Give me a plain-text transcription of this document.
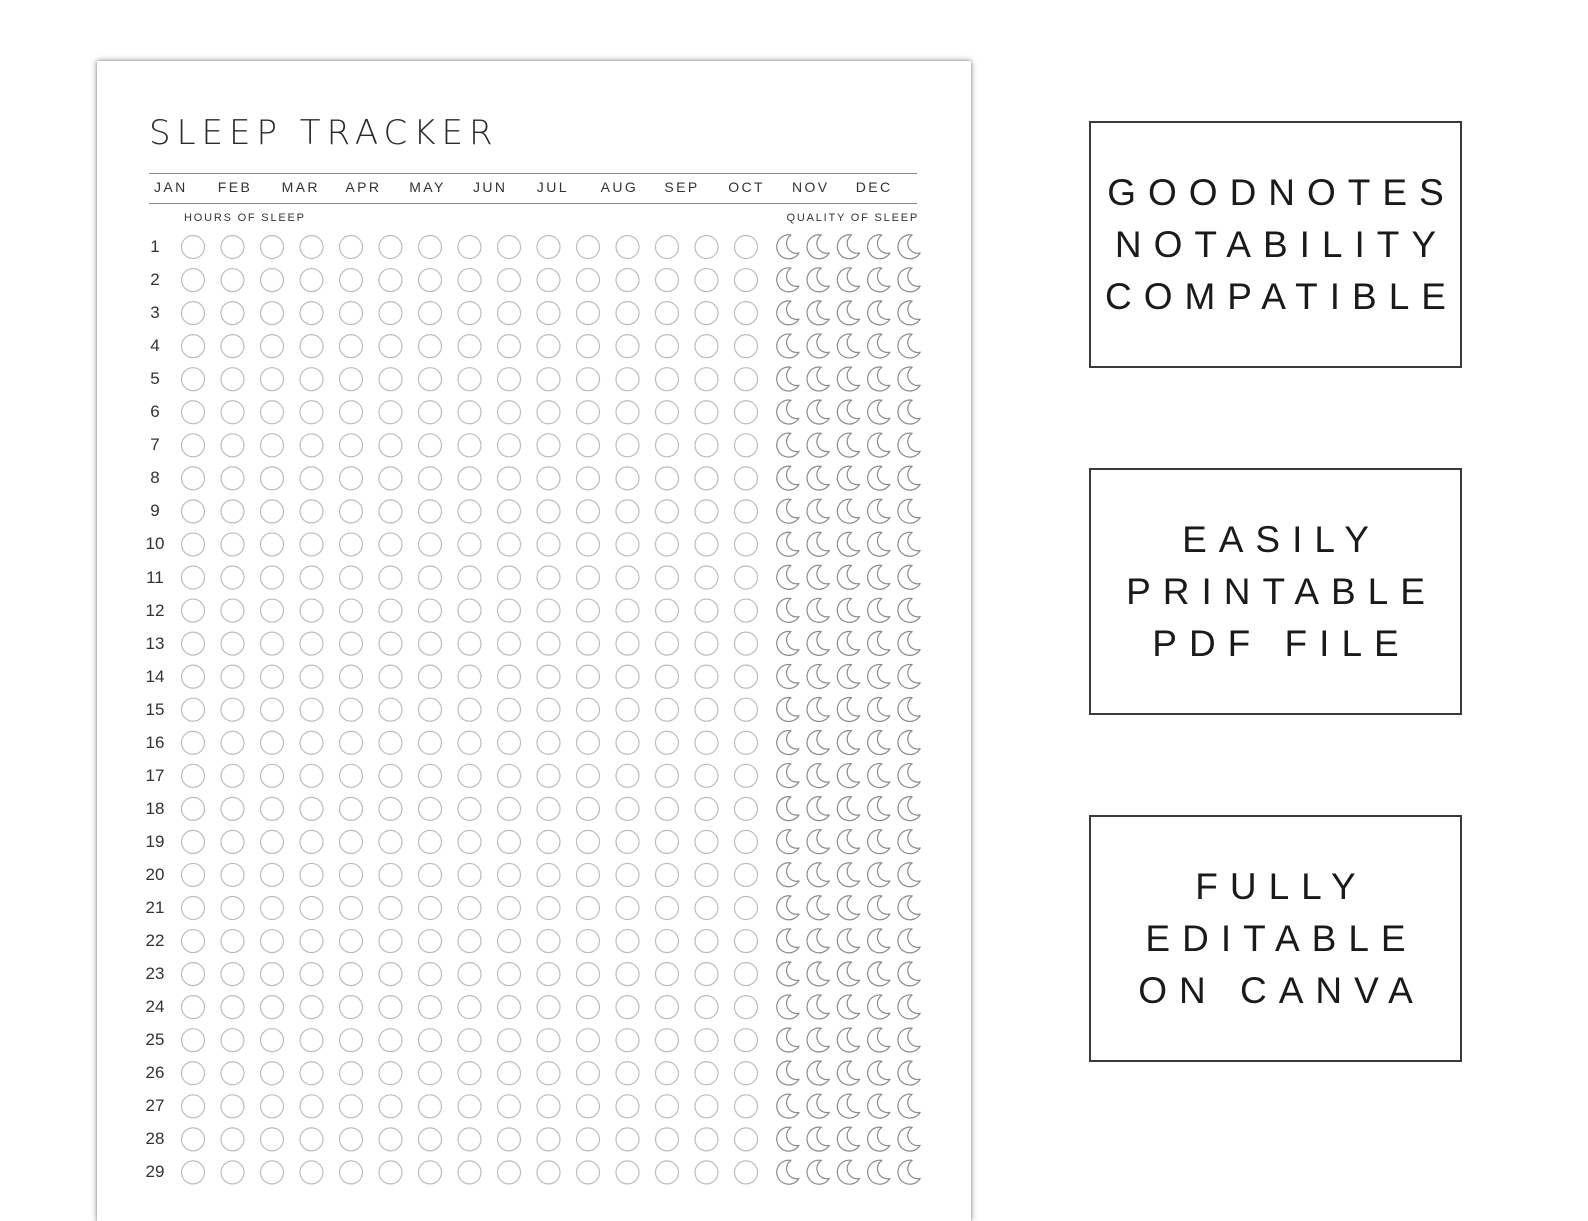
SLEEP TRACKER
JAN FEB MAR APR MAY JUN JUL AUG SEP OCT NOV DEC
HOURS OF SLEEP	QUALITY OF SLEEP
1
2
3
4
5
6
7
8
9
10
11
12
13
14
15
16
17
18
19
20
21
22
23
24
25
26
27
28
29
GOODNOTES
NOTABILITY
COMPATIBLE
EASILY
PRINTABLE
PDF FILE
FULLY
EDITABLE
ON CANVA
